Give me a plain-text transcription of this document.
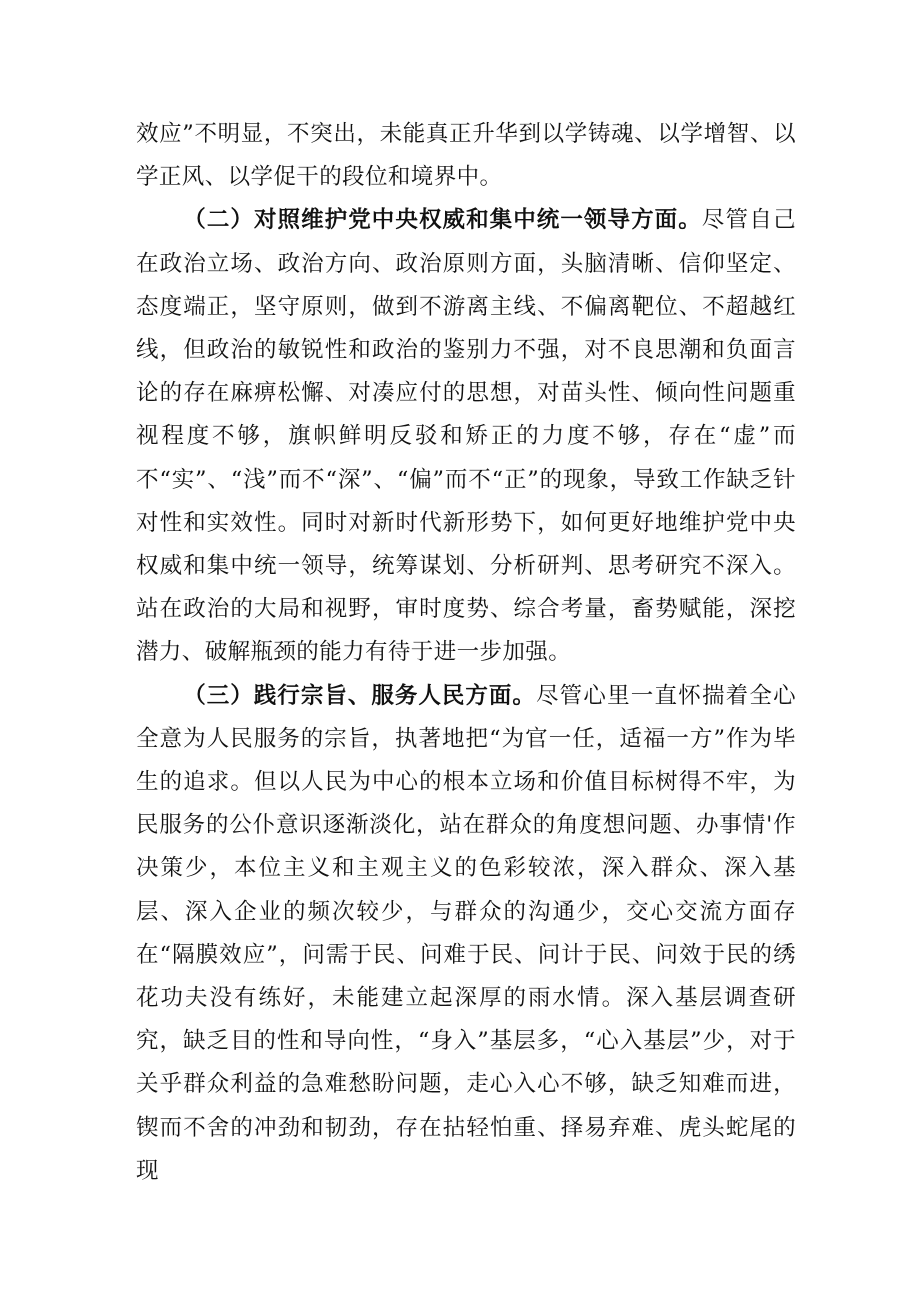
效应”不明显，不突出，未能真正升华到以学铸魂、以学增智、以学正风、以学促干的段位和境界中。

（二）对照维护党中央权威和集中统一领导方面。尽管自己在政治立场、政治方向、政治原则方面，头脑清晰、信仰坚定、态度端正，坚守原则，做到不游离主线、不偏离靶位、不超越红线，但政治的敏锐性和政治的鉴别力不强，对不良思潮和负面言论的存在麻痹松懈、对凑应付的思想，对苗头性、倾向性问题重视程度不够，旗帜鲜明反驳和矫正的力度不够，存在“虚”而不“实”、“浅”而不“深”、“偏”而不“正”的现象，导致工作缺乏针对性和实效性。同时对新时代新形势下，如何更好地维护党中央权威和集中统一领导，统筹谋划、分析研判、思考研究不深入。站在政治的大局和视野，审时度势、综合考量，畜势赋能，深挖潜力、破解瓶颈的能力有待于进一步加强。

（三）践行宗旨、服务人民方面。尽管心里一直怀揣着全心全意为人民服务的宗旨，执著地把“为官一任，适福一方”作为毕生的追求。但以人民为中心的根本立场和价值目标树得不牢，为民服务的公仆意识逐渐淡化，站在群众的角度想问题、办事情'作决策少，本位主义和主观主义的色彩较浓，深入群众、深入基层、深入企业的频次较少，与群众的沟通少，交心交流方面存在“隔膜效应”，问需于民、问难于民、问计于民、问效于民的绣花功夫没有练好，未能建立起深厚的雨水情。深入基层调查研究，缺乏目的性和导向性，“身入”基层多，“心入基层”少，对于关乎群众利益的急难愁盼问题，走心入心不够，缺乏知难而进，锲而不舍的冲劲和韧劲，存在拈轻怕重、择易弃难、虎头蛇尾的现
